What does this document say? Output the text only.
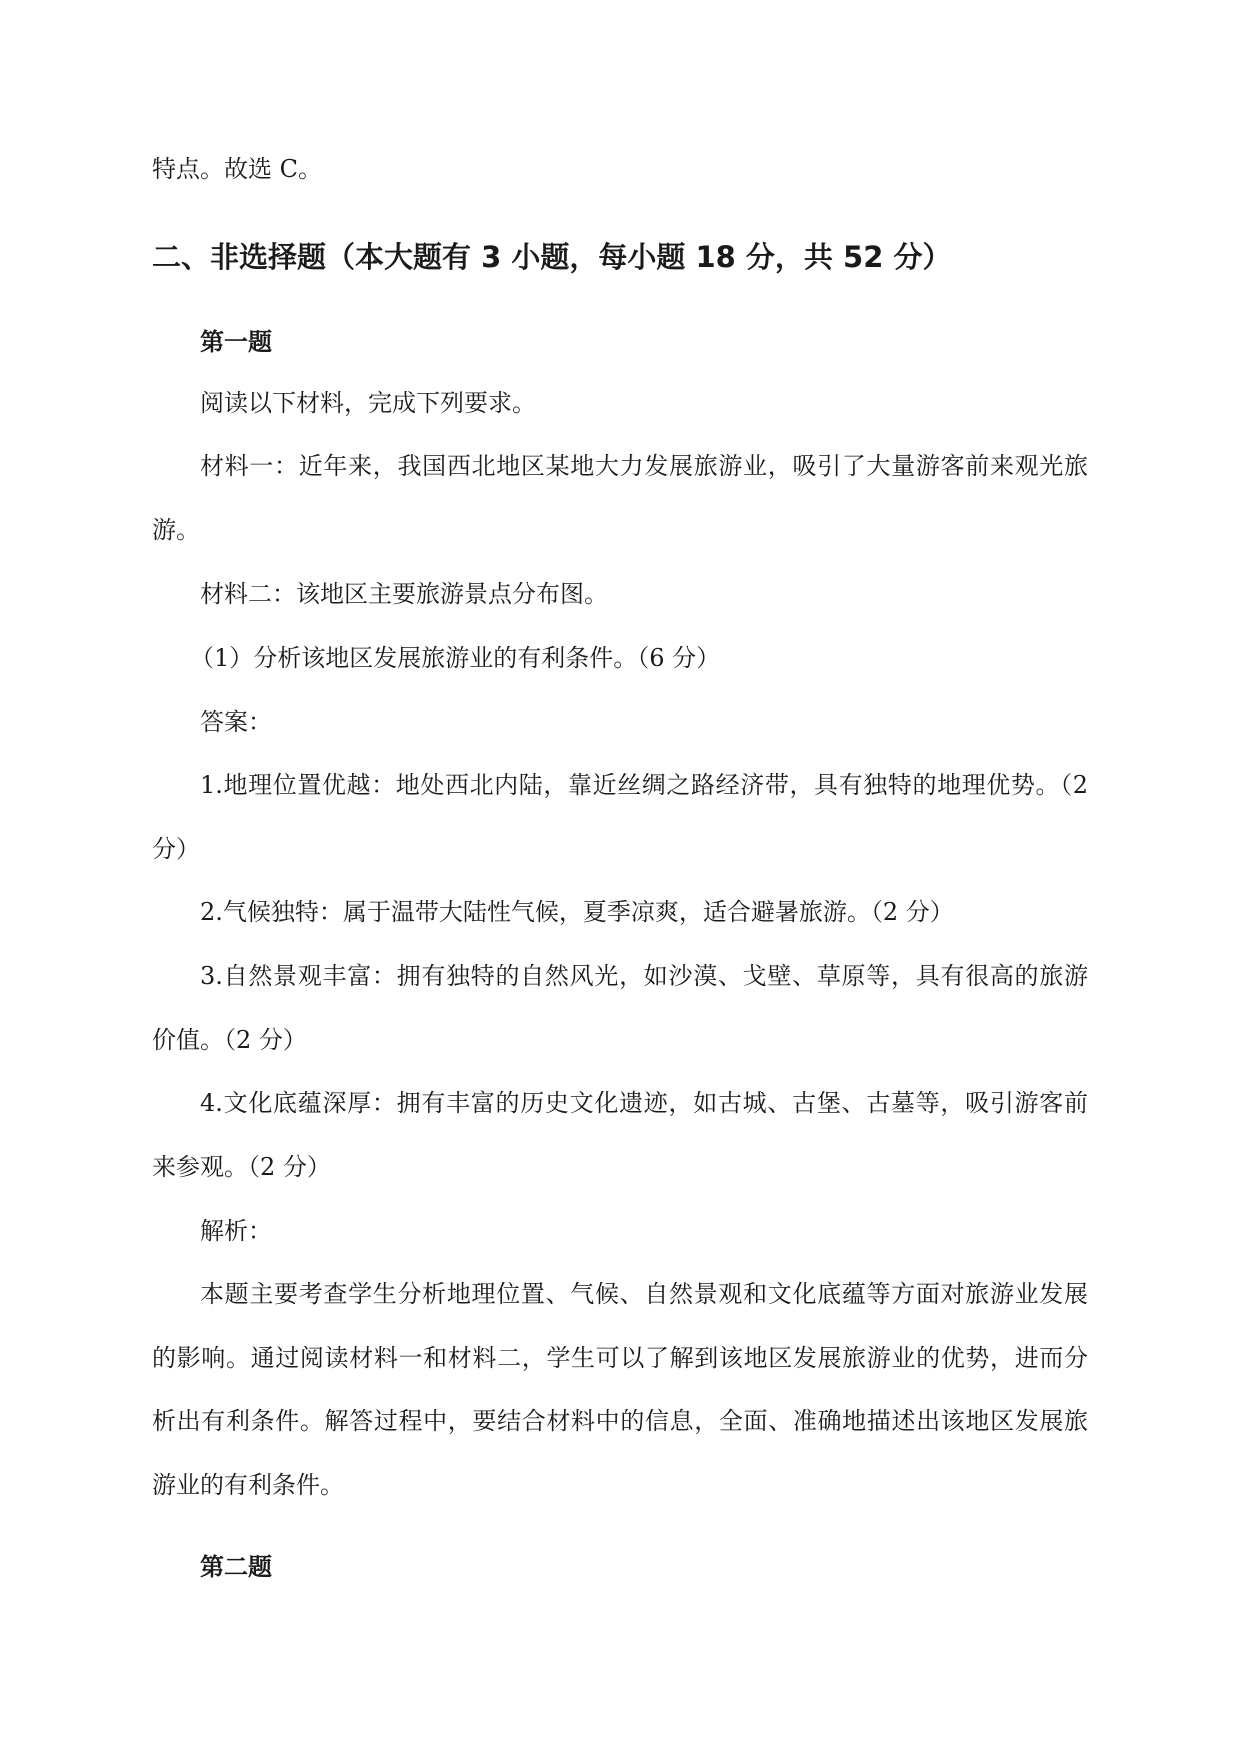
特点。故选 C。
二、非选择题（本大题有 3 小题，每小题 18 分，共 52 分）
第一题
阅读以下材料，完成下列要求。
材料一：近年来，我国西北地区某地大力发展旅游业，吸引了大量游客前来观光旅
游。
材料二：该地区主要旅游景点分布图。
（1）分析该地区发展旅游业的有利条件。（6 分）
答案：
1.地理位置优越：地处西北内陆，靠近丝绸之路经济带，具有独特的地理优势。（2
分）
2.气候独特：属于温带大陆性气候，夏季凉爽，适合避暑旅游。（2 分）
3.自然景观丰富：拥有独特的自然风光，如沙漠、戈壁、草原等，具有很高的旅游
价值。（2 分）
4.文化底蕴深厚：拥有丰富的历史文化遗迹，如古城、古堡、古墓等，吸引游客前
来参观。（2 分）
解析：
本题主要考查学生分析地理位置、气候、自然景观和文化底蕴等方面对旅游业发展
的影响。通过阅读材料一和材料二，学生可以了解到该地区发展旅游业的优势，进而分
析出有利条件。解答过程中，要结合材料中的信息，全面、准确地描述出该地区发展旅
游业的有利条件。
第二题
